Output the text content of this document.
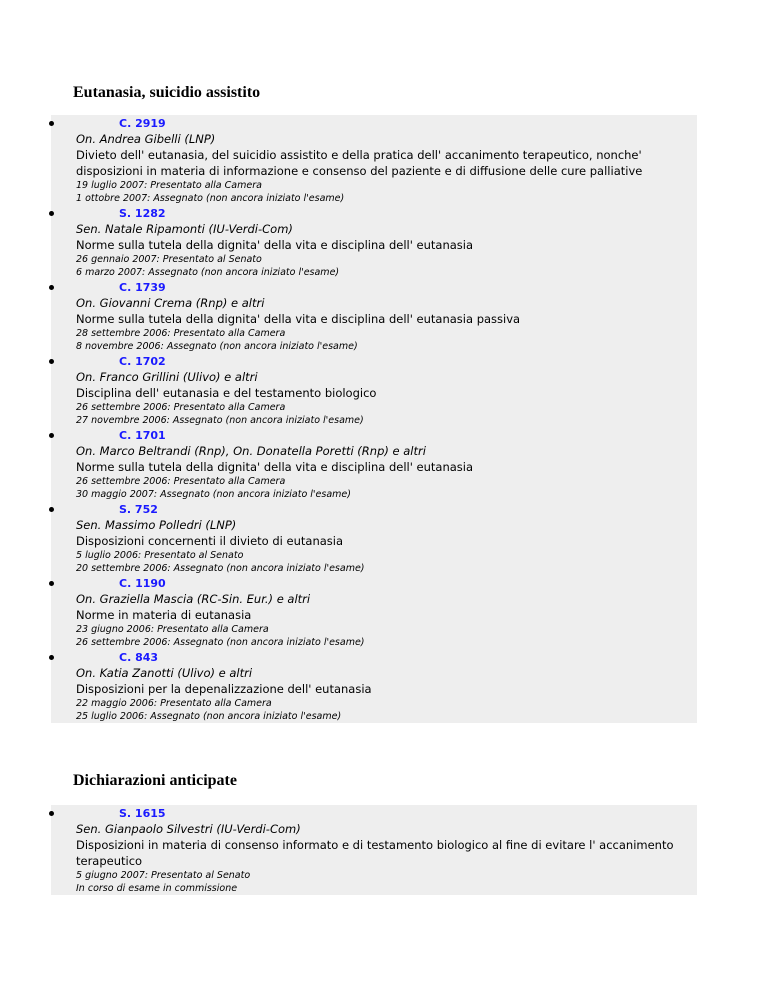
Eutanasia, suicidio assistito
C. 2919
On. Andrea Gibelli (LNP)
Divieto dell' eutanasia, del suicidio assistito e della pratica dell' accanimento terapeutico, nonche' disposizioni in materia di informazione e consenso del paziente e di diffusione delle cure palliative
19 luglio 2007: Presentato alla Camera
1 ottobre 2007: Assegnato (non ancora iniziato l'esame)
S. 1282
Sen. Natale Ripamonti (IU-Verdi-Com)
Norme sulla tutela della dignita' della vita e disciplina dell' eutanasia
26 gennaio 2007: Presentato al Senato
6 marzo 2007: Assegnato (non ancora iniziato l'esame)
C. 1739
On. Giovanni Crema (Rnp) e altri
Norme sulla tutela della dignita' della vita e disciplina dell' eutanasia passiva
28 settembre 2006: Presentato alla Camera
8 novembre 2006: Assegnato (non ancora iniziato l'esame)
C. 1702
On. Franco Grillini (Ulivo) e altri
Disciplina dell' eutanasia e del testamento biologico
26 settembre 2006: Presentato alla Camera
27 novembre 2006: Assegnato (non ancora iniziato l'esame)
C. 1701
On. Marco Beltrandi (Rnp), On. Donatella Poretti (Rnp) e altri
Norme sulla tutela della dignita' della vita e disciplina dell' eutanasia
26 settembre 2006: Presentato alla Camera
30 maggio 2007: Assegnato (non ancora iniziato l'esame)
S. 752
Sen. Massimo Polledri (LNP)
Disposizioni concernenti il divieto di eutanasia
5 luglio 2006: Presentato al Senato
20 settembre 2006: Assegnato (non ancora iniziato l'esame)
C. 1190
On. Graziella Mascia (RC-Sin. Eur.) e altri
Norme in materia di eutanasia
23 giugno 2006: Presentato alla Camera
26 settembre 2006: Assegnato (non ancora iniziato l'esame)
C. 843
On. Katia Zanotti (Ulivo) e altri
Disposizioni per la depenalizzazione dell' eutanasia
22 maggio 2006: Presentato alla Camera
25 luglio 2006: Assegnato (non ancora iniziato l'esame)
Dichiarazioni anticipate
S. 1615
Sen. Gianpaolo Silvestri (IU-Verdi-Com)
Disposizioni in materia di consenso informato e di testamento biologico al fine di evitare l' accanimento terapeutico
5 giugno 2007: Presentato al Senato
In corso di esame in commissione
